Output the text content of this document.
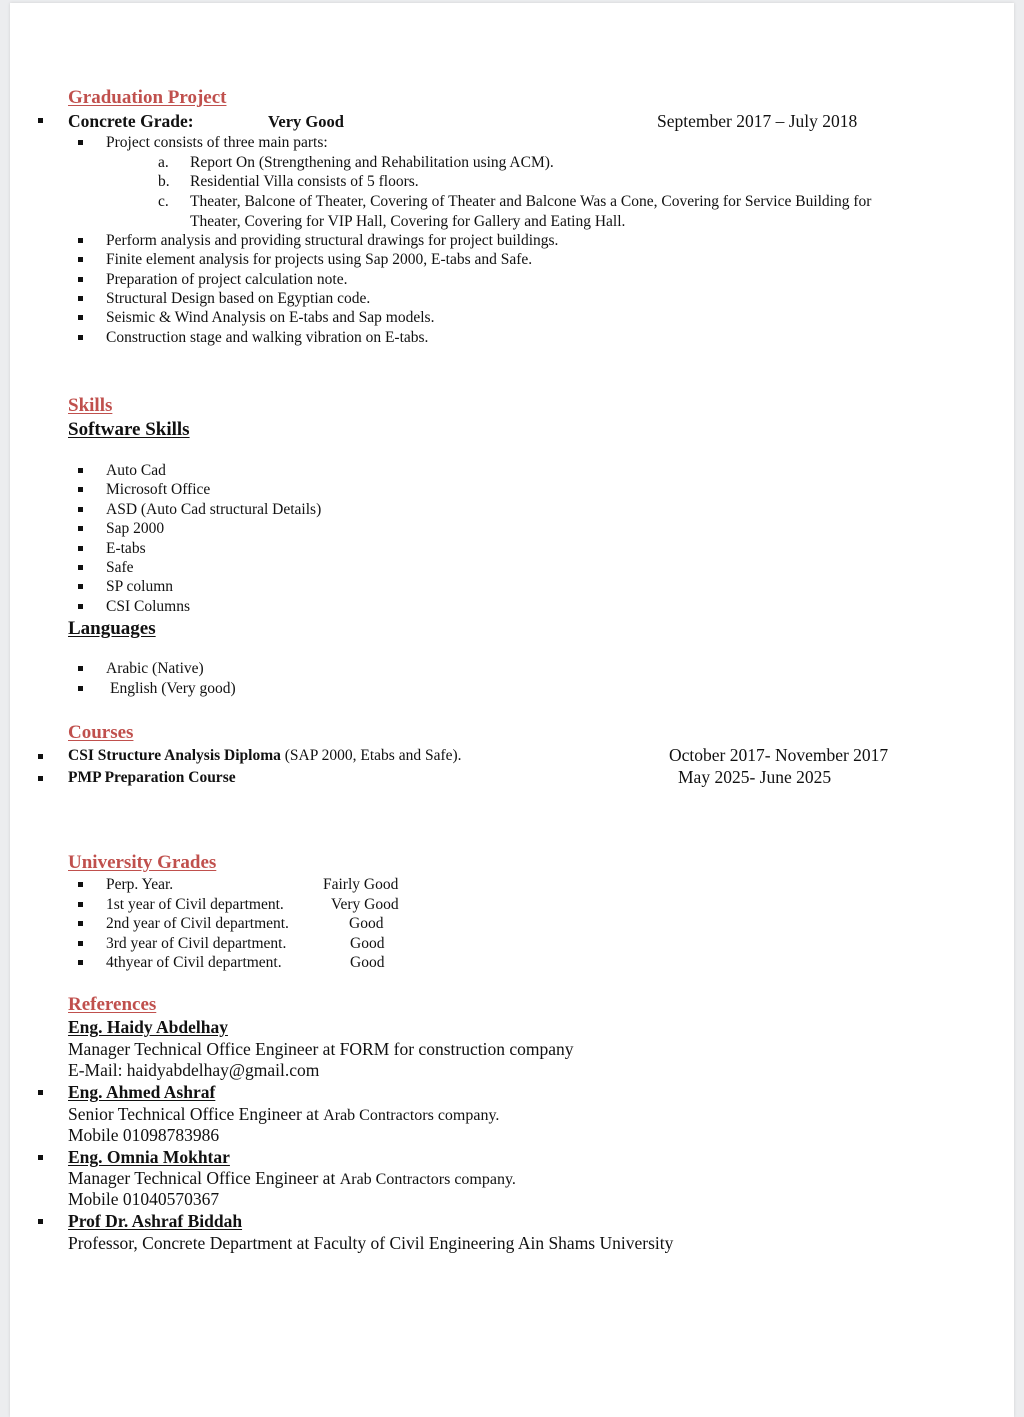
Graduation Project
Concrete Grade:	Very Good	September 2017 – July 2018
Project consists of three main parts:
a. Report On (Strengthening and Rehabilitation using ACM).
b. Residential Villa consists of 5 floors.
c. Theater, Balcone of Theater, Covering of Theater and Balcone Was a Cone, Covering for Service Building for
Theater, Covering for VIP Hall, Covering for Gallery and Eating Hall.
Perform analysis and providing structural drawings for project buildings.
Finite element analysis for projects using Sap 2000, E-tabs and Safe.
Preparation of project calculation note.
Structural Design based on Egyptian code.
Seismic & Wind Analysis on E-tabs and Sap models.
Construction stage and walking vibration on E-tabs.
Skills
Software Skills
Auto Cad
Microsoft Office
ASD (Auto Cad structural Details)
Sap 2000
E-tabs
Safe
SP column
CSI Columns
Languages
Arabic (Native)
English (Very good)
Courses
CSI Structure Analysis Diploma (SAP 2000, Etabs and Safe).	October 2017- November 2017
PMP Preparation Course	May 2025- June 2025
University Grades
Perp. Year.	Fairly Good
1st year of Civil department.	Very Good
2nd year of Civil department.	Good
3rd year of Civil department.	Good
4thyear of Civil department.	Good
References
Eng. Haidy Abdelhay
Manager Technical Office Engineer at FORM for construction company
E-Mail: haidyabdelhay@gmail.com
Eng. Ahmed Ashraf
Senior Technical Office Engineer at Arab Contractors company.
Mobile 01098783986
Eng. Omnia Mokhtar
Manager Technical Office Engineer at Arab Contractors company.
Mobile 01040570367
Prof Dr. Ashraf Biddah
Professor, Concrete Department at Faculty of Civil Engineering Ain Shams University
